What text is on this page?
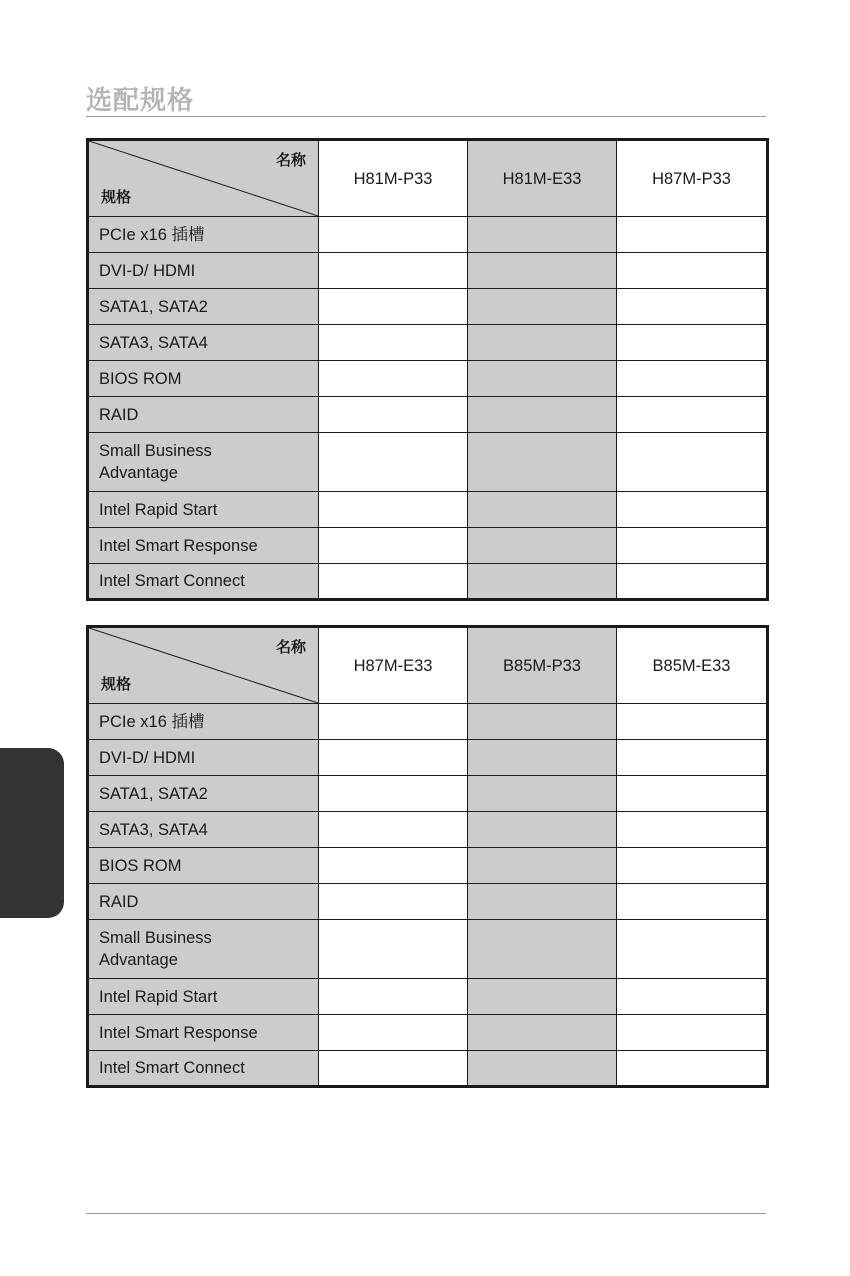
选配规格
名称
规格	H81M-P33	H81M-E33	H87M-P33
PCIe x16 插槽			
DVI-D/ HDMI			
SATA1, SATA2			
SATA3, SATA4			
BIOS ROM			
RAID			
Small Business
Advantage			
Intel Rapid Start			
Intel Smart Response			
Intel Smart Connect			
名称
规格	H87M-E33	B85M-P33	B85M-E33
PCIe x16 插槽			
DVI-D/ HDMI			
SATA1, SATA2			
SATA3, SATA4			
BIOS ROM			
RAID			
Small Business
Advantage			
Intel Rapid Start			
Intel Smart Response			
Intel Smart Connect			
